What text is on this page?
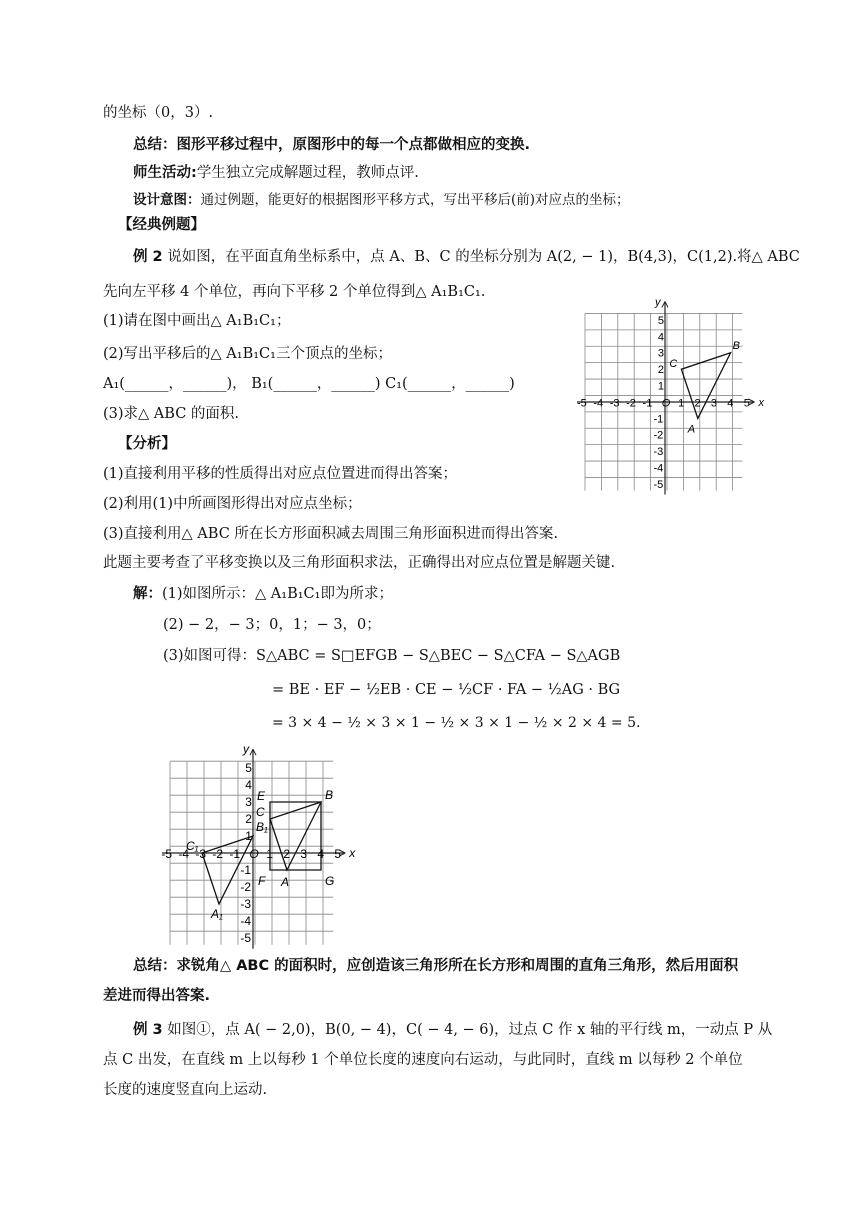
的坐标（0，3）.
总结：图形平移过程中，原图形中的每一个点都做相应的变换.
师生活动:学生独立完成解题过程，教师点评.
设计意图：通过例题，能更好的根据图形平移方式，写出平移后(前)对应点的坐标；
【经典例题】
例 2 说如图，在平面直角坐标系中，点 A、B、C 的坐标分别为 A(2, − 1)，B(4,3)，C(1,2).将△ ABC
先向左平移 4 个单位，再向下平移 2 个单位得到△ A₁B₁C₁.
(1)请在图中画出△ A₁B₁C₁；
(2)写出平移后的△ A₁B₁C₁三个顶点的坐标；
A₁(______，______)， B₁(______，______) C₁(______，______)
(3)求△ ABC 的面积.
【分析】
(1)直接利用平移的性质得出对应点位置进而得出答案；
(2)利用(1)中所画图形得出对应点坐标；
(3)直接利用△ ABC 所在长方形面积减去周围三角形面积进而得出答案.
此题主要考查了平移变换以及三角形面积求法，正确得出对应点位置是解题关键.
解：(1)如图所示：△ A₁B₁C₁即为所求；
(2) − 2，− 3；0，1；− 3，0；
(3)如图可得：S△ABC = S□EFGB − S△BEC − S△CFA − S△AGB
= BE · EF − ½EB · CE − ½CF · FA − ½AG · BG
= 3 × 4 − ½ × 3 × 1 − ½ × 3 × 1 − ½ × 2 × 4 = 5.
总结：求锐角△ ABC 的面积时，应创造该三角形所在长方形和周围的直角三角形，然后用面积
差进而得出答案.
例 3 如图①，点 A( − 2,0)，B(0, − 4)，C( − 4, − 6)，过点 C 作 x 轴的平行线 m，一动点 P 从
点 C 出发，在直线 m 上以每秒 1 个单位长度的速度向右运动，与此同时，直线 m 以每秒 2 个单位
长度的速度竖直向上运动.
x
y
-5 -4 -3 -2 -1 O 1 2 3 4 5
5
4
3
2
1
-1
-2
-3
-4
-5
A
B
C
x
y
-5 -4 -3 -2 -1 O 1 2 3 4 5
5
4
3
2
1
-1
-2
-3
-4
-5
A
B
C
E
F	G
A₁
B₁
C₁
